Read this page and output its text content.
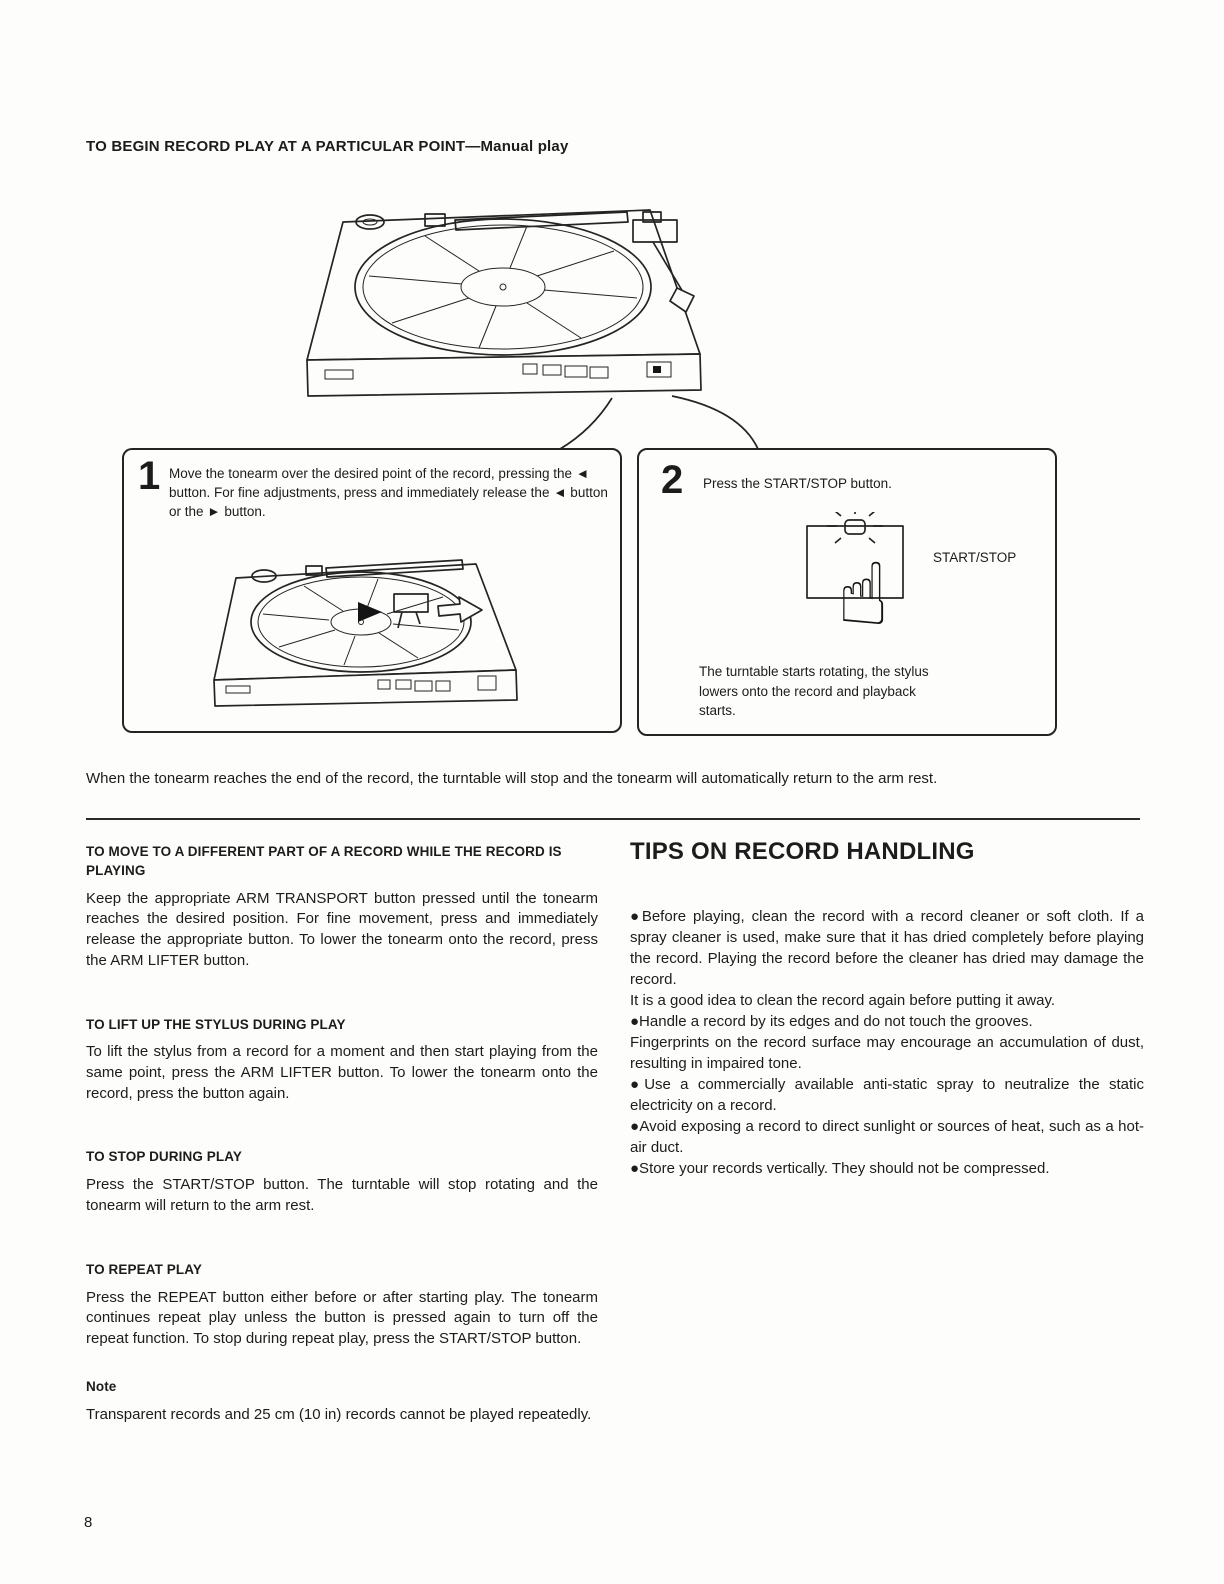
TO BEGIN RECORD PLAY AT A PARTICULAR POINT—Manual play
1 Move the tonearm over the desired point of the record, pressing the ◄ button. For fine adjustments, press and immediately release the ◄ button or the ► button.

2 Press the START/STOP button.

☝	START/STOP

The turntable starts rotating, the stylus lowers onto the record and playback starts.

When the tonearm reaches the end of the record, the turntable will stop and the tonearm will automatically return to the arm rest.

TO MOVE TO A DIFFERENT PART OF A RECORD WHILE THE RECORD IS PLAYING

Keep the appropriate ARM TRANSPORT button pressed until the tonearm reaches the desired position. For fine movement, press and immediately release the appropriate button. To lower the tonearm onto the record, press the ARM LIFTER button.

TO LIFT UP THE STYLUS DURING PLAY

To lift the stylus from a record for a moment and then start playing from the same point, press the ARM LIFTER button. To lower the tonearm onto the record, press the button again.

TO STOP DURING PLAY

Press the START/STOP button. The turntable will stop rotating and the tonearm will return to the arm rest.

TO REPEAT PLAY

Press the REPEAT button either before or after starting play. The tonearm continues repeat play unless the button is pressed again to turn off the repeat function. To stop during repeat play, press the START/STOP button.

Note

Transparent records and 25 cm (10 in) records cannot be played repeatedly.

TIPS ON RECORD HANDLING

●Before playing, clean the record with a record cleaner or soft cloth. If a spray cleaner is used, make sure that it has dried completely before playing the record. Playing the record before the cleaner has dried may damage the record.

It is a good idea to clean the record again before putting it away.

●Handle a record by its edges and do not touch the grooves.

Fingerprints on the record surface may encourage an accumulation of dust, resulting in impaired tone.

●Use a commercially available anti-static spray to neutralize the static electricity on a record.

●Avoid exposing a record to direct sunlight or sources of heat, such as a hot-air duct.

●Store your records vertically. They should not be compressed.

8
